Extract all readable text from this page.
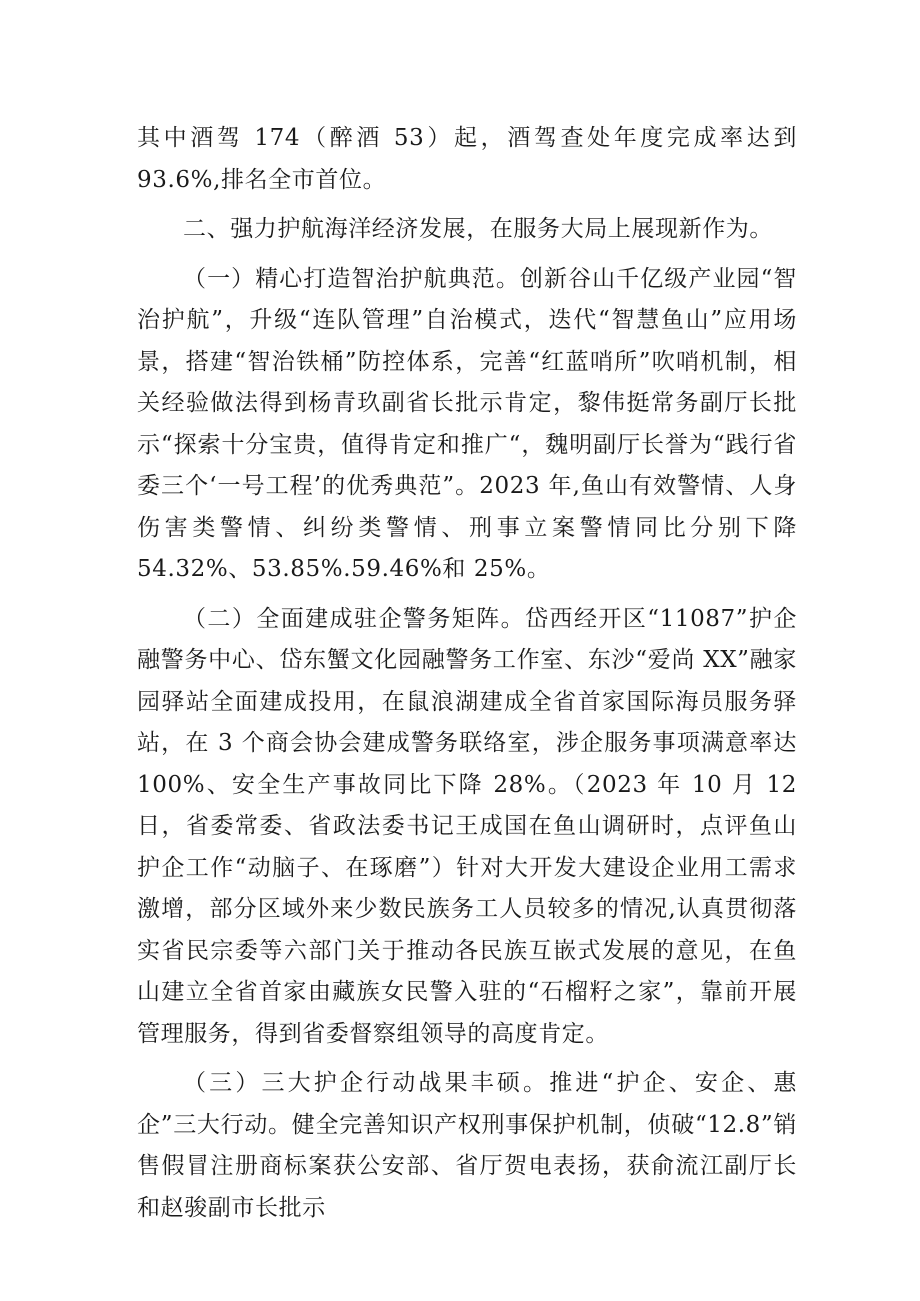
其中酒驾 174（醉酒 53）起，酒驾查处年度完成率达到 93.6%,排名全市首位。

二、强力护航海洋经济发展，在服务大局上展现新作为。

（一）精心打造智治护航典范。创新谷山千亿级产业园“智治护航”，升级“连队管理”自治模式，迭代“智慧鱼山”应用场景，搭建“智治铁桶”防控体系，完善“红蓝哨所”吹哨机制，相关经验做法得到杨青玖副省长批示肯定，黎伟挺常务副厅长批示“探索十分宝贵，值得肯定和推广“，魏明副厅长誉为“践行省委三个‘一号工程’的优秀典范”。2023 年,鱼山有效警情、人身伤害类警情、纠纷类警情、刑事立案警情同比分别下降 54.32%、53.85%.59.46%和 25%。

（二）全面建成驻企警务矩阵。岱西经开区“11087”护企融警务中心、岱东蟹文化园融警务工作室、东沙“爱尚 XX”融家园驿站全面建成投用，在鼠浪湖建成全省首家国际海员服务驿站，在 3 个商会协会建成警务联络室，涉企服务事项满意率达 100%、安全生产事故同比下降 28%。（2023 年 10 月 12 日，省委常委、省政法委书记王成国在鱼山调研时，点评鱼山护企工作“动脑子、在琢磨”）针对大开发大建设企业用工需求激增，部分区域外来少数民族务工人员较多的情况,认真贯彻落实省民宗委等六部门关于推动各民族互嵌式发展的意见，在鱼山建立全省首家由藏族女民警入驻的“石榴籽之家”，靠前开展管理服务，得到省委督察组领导的高度肯定。

（三）三大护企行动战果丰硕。推进“护企、安企、惠企”三大行动。健全完善知识产权刑事保护机制，侦破“12.8”销售假冒注册商标案获公安部、省厅贺电表扬，获俞流江副厅长和赵骏副市长批示
